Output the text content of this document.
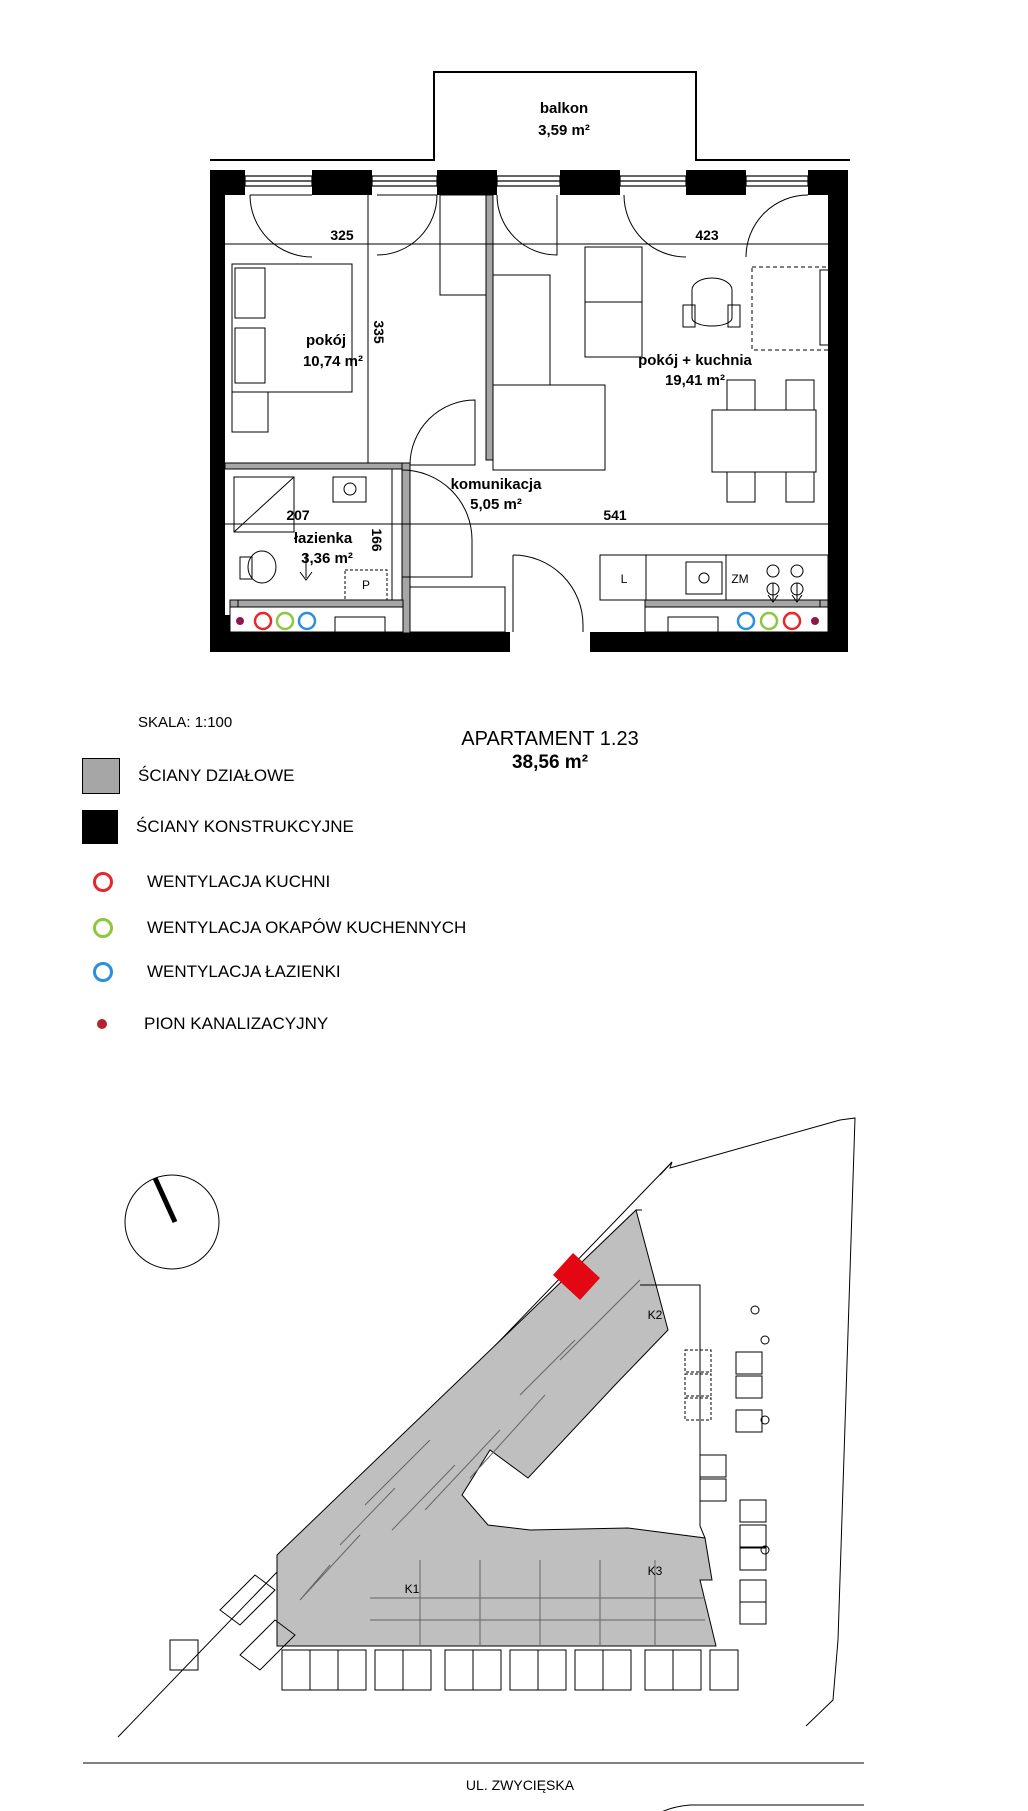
balkon
3,59 m²
pokój
10,74 m²	pokój + kuchnia
19,41 m²
komunikacja
5,05 m²
łazienka
3,36 m²
325	423
207	541
335
166
P	L	ZM
SKALA: 1:100
APARTAMENT 1.23
38,56 m²
ŚCIANY DZIAŁOWE
ŚCIANY KONSTRUKCYJNE
WENTYLACJA KUCHNI
WENTYLACJA OKAPÓW KUCHENNYCH
WENTYLACJA ŁAZIENKI
PION KANALIZACYJNY
K1
K2
K3
UL. ZWYCIĘSKA
